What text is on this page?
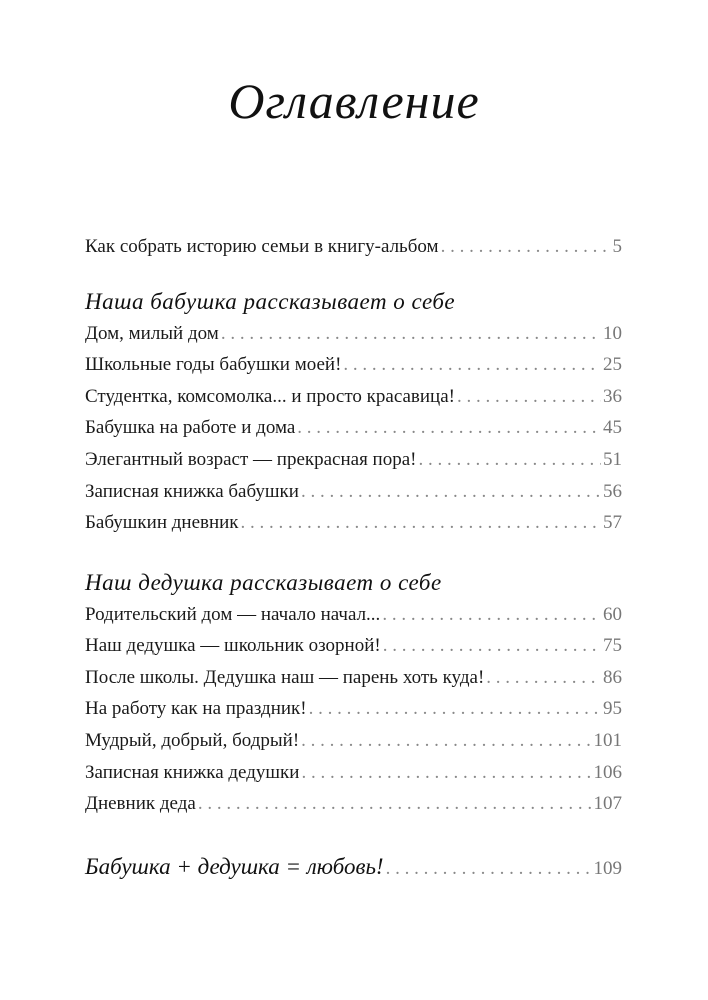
Оглавление
Как собрать историю семьи в книгу-альбом . . .	5
Наша бабушка рассказывает о себе
Дом, милый дом . . .	10
Школьные годы бабушки моей! . . .	25
Студентка, комсомолка... и просто красавица! . . .	36
Бабушка на работе и дома . . .	45
Элегантный возраст — прекрасная пора! . . .	51
Записная книжка бабушки . . .	56
Бабушкин дневник . . .	57
Наш дедушка рассказывает о себе
Родительский дом — начало начал... . . .	60
Наш дедушка — школьник озорной! . . .	75
После школы. Дедушка наш — парень хоть куда! . . .	86
На работу как на праздник! . . .	95
Мудрый, добрый, бодрый! . . .	101
Записная книжка дедушки . . .	106
Дневник деда . . .	107
Бабушка + дедушка = любовь! . . .	109
